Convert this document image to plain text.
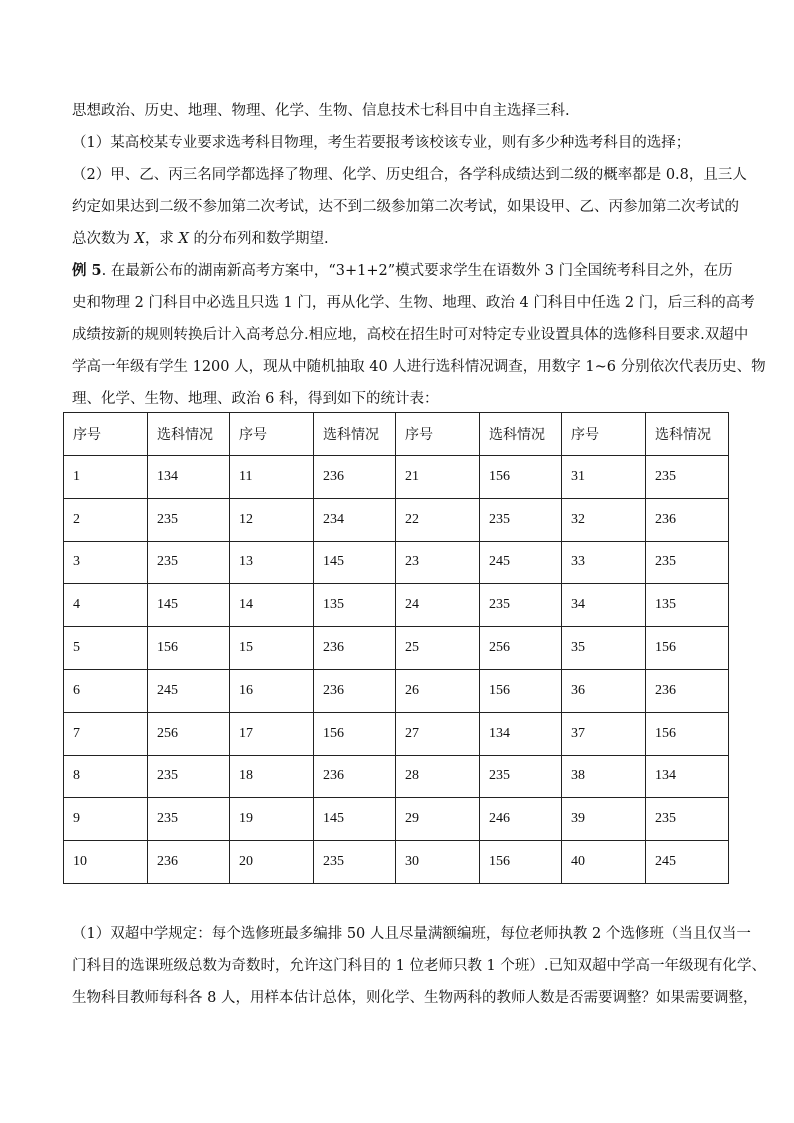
思想政治、历史、地理、物理、化学、生物、信息技术七科目中自主选择三科.
（1）某高校某专业要求选考科目物理，考生若要报考该校该专业，则有多少种选考科目的选择；
（2）甲、乙、丙三名同学都选择了物理、化学、历史组合，各学科成绩达到二级的概率都是 0.8，且三人
约定如果达到二级不参加第二次考试，达不到二级参加第二次考试，如果设甲、乙、丙参加第二次考试的
总次数为 X，求 X 的分布列和数学期望.
例 5. 在最新公布的湖南新高考方案中，“3+1+2”模式要求学生在语数外 3 门全国统考科目之外，在历
史和物理 2 门科目中必选且只选 1 门，再从化学、生物、地理、政治 4 门科目中任选 2 门，后三科的高考
成绩按新的规则转换后计入高考总分.相应地，高校在招生时可对特定专业设置具体的选修科目要求.双超中
学高一年级有学生 1200 人，现从中随机抽取 40 人进行选科情况调查，用数字 1~6 分别依次代表历史、物
理、化学、生物、地理、政治 6 科，得到如下的统计表：
序号	选科情况	序号	选科情况	序号	选科情况	序号	选科情况
1	134	11	236	21	156	31	235
2	235	12	234	22	235	32	236
3	235	13	145	23	245	33	235
4	145	14	135	24	235	34	135
5	156	15	236	25	256	35	156
6	245	16	236	26	156	36	236
7	256	17	156	27	134	37	156
8	235	18	236	28	235	38	134
9	235	19	145	29	246	39	235
10	236	20	235	30	156	40	245
（1）双超中学规定：每个选修班最多编排 50 人且尽量满额编班，每位老师执教 2 个选修班（当且仅当一
门科目的选课班级总数为奇数时，允许这门科目的 1 位老师只教 1 个班）.已知双超中学高一年级现有化学、
生物科目教师每科各 8 人，用样本估计总体，则化学、生物两科的教师人数是否需要调整？如果需要调整，
